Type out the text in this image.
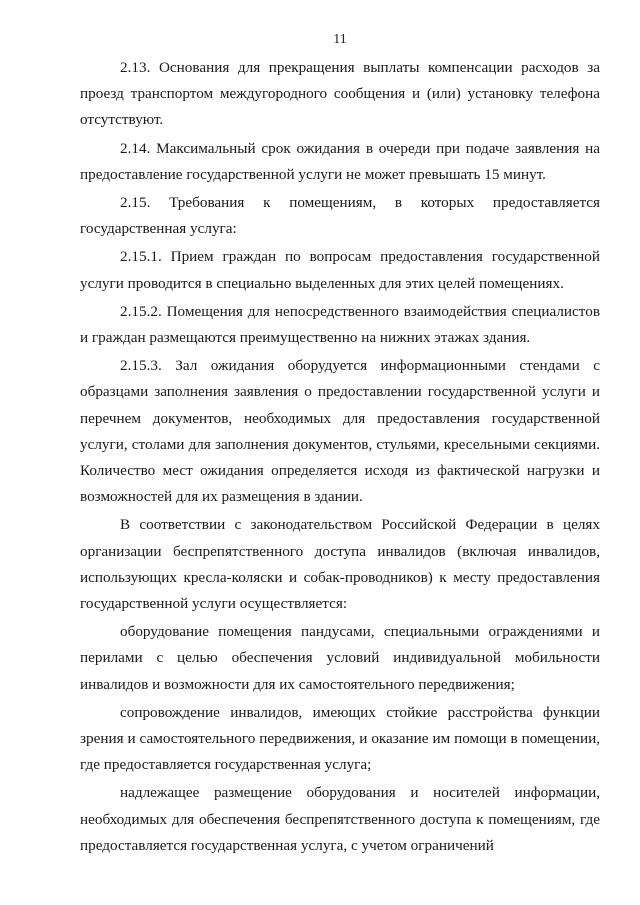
11

2.13. Основания для прекращения выплаты компенсации расходов за проезд транспортом междугородного сообщения и (или) установку телефона отсутствуют.

2.14. Максимальный срок ожидания в очереди при подаче заявления на предоставление государственной услуги не может превышать 15 минут.

2.15. Требования к помещениям, в которых предоставляется государственная услуга:

2.15.1. Прием граждан по вопросам предоставления государственной услуги проводится в специально выделенных для этих целей помещениях.

2.15.2. Помещения для непосредственного взаимодействия специалистов и граждан размещаются преимущественно на нижних этажах здания.

2.15.3. Зал ожидания оборудуется информационными стендами с образцами заполнения заявления о предоставлении государственной услуги и перечнем документов, необходимых для предоставления государственной услуги, столами для заполнения документов, стульями, кресельными секциями. Количество мест ожидания определяется исходя из фактической нагрузки и возможностей для их размещения в здании.

В соответствии с законодательством Российской Федерации в целях организации беспрепятственного доступа инвалидов (включая инвалидов, использующих кресла-коляски и собак-проводников) к месту предоставления государственной услуги осуществляется:

оборудование помещения пандусами, специальными ограждениями и перилами с целью обеспечения условий индивидуальной мобильности инвалидов и возможности для их самостоятельного передвижения;

сопровождение инвалидов, имеющих стойкие расстройства функции зрения и самостоятельного передвижения, и оказание им помощи в помещении, где предоставляется государственная услуга;

надлежащее размещение оборудования и носителей информации, необходимых для обеспечения беспрепятственного доступа к помещениям, где предоставляется государственная услуга, с учетом ограничений
